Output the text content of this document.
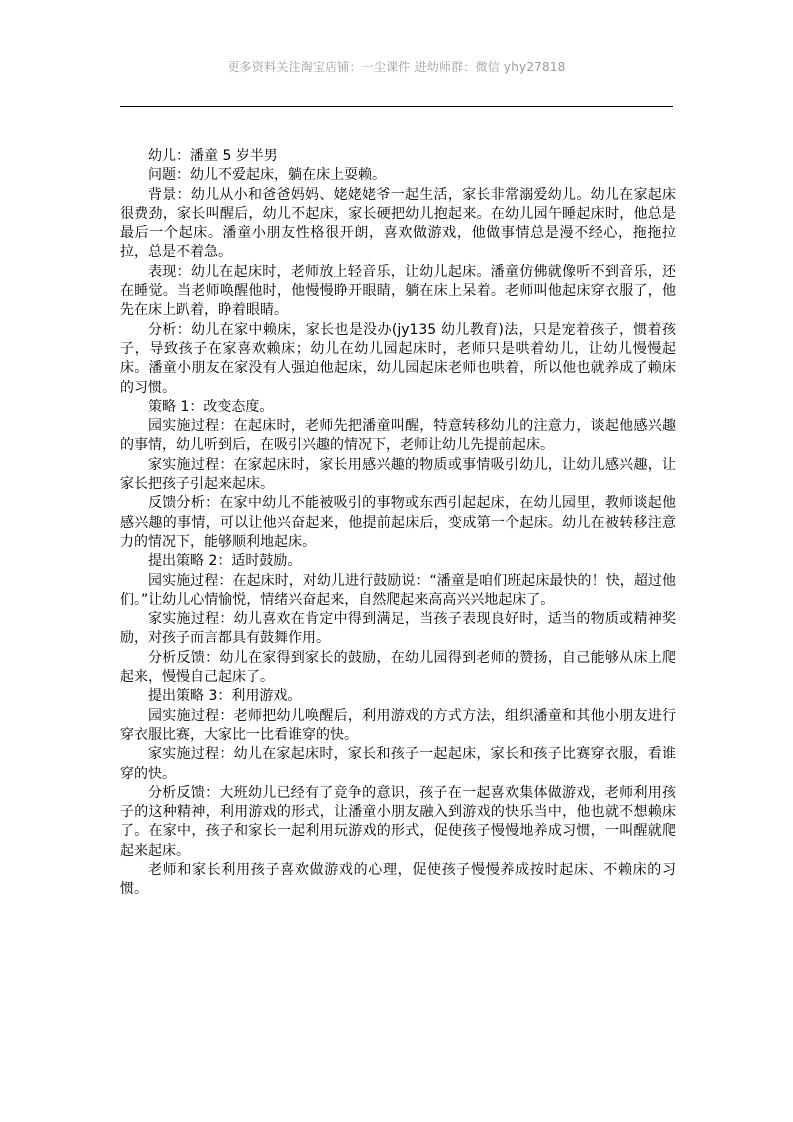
更多资料关注淘宝店铺：一尘课件 进幼师群：微信 yhy27818

幼儿：潘童 5 岁半男

问题：幼儿不爱起床，躺在床上耍赖。

背景：幼儿从小和爸爸妈妈、姥姥姥爷一起生活，家长非常溺爱幼儿。幼儿在家起床很费劲，家长叫醒后，幼儿不起床，家长硬把幼儿抱起来。在幼儿园午睡起床时，他总是最后一个起床。潘童小朋友性格很开朗，喜欢做游戏，他做事情总是漫不经心，拖拖拉拉，总是不着急。

表现：幼儿在起床时，老师放上轻音乐，让幼儿起床。潘童仿佛就像听不到音乐，还在睡觉。当老师唤醒他时，他慢慢睁开眼睛，躺在床上呆着。老师叫他起床穿衣服了，他先在床上趴着，睁着眼睛。

分析：幼儿在家中赖床，家长也是没办(jy135 幼儿教育)法，只是宠着孩子，惯着孩子，导致孩子在家喜欢赖床；幼儿在幼儿园起床时，老师只是哄着幼儿，让幼儿慢慢起床。潘童小朋友在家没有人强迫他起床，幼儿园起床老师也哄着，所以他也就养成了赖床的习惯。

策略 1：改变态度。

园实施过程：在起床时，老师先把潘童叫醒，特意转移幼儿的注意力，谈起他感兴趣的事情，幼儿听到后，在吸引兴趣的情况下，老师让幼儿先提前起床。

家实施过程：在家起床时，家长用感兴趣的物质或事情吸引幼儿，让幼儿感兴趣，让家长把孩子引起来起床。

反馈分析：在家中幼儿不能被吸引的事物或东西引起起床，在幼儿园里，教师谈起他感兴趣的事情，可以让他兴奋起来，他提前起床后，变成第一个起床。幼儿在被转移注意力的情况下，能够顺利地起床。

提出策略 2：适时鼓励。

园实施过程：在起床时，对幼儿进行鼓励说：“潘童是咱们班起床最快的！快，超过他们。”让幼儿心情愉悦，情绪兴奋起来，自然爬起来高高兴兴地起床了。

家实施过程：幼儿喜欢在肯定中得到满足，当孩子表现良好时，适当的物质或精神奖励，对孩子而言都具有鼓舞作用。

分析反馈：幼儿在家得到家长的鼓励，在幼儿园得到老师的赞扬，自己能够从床上爬起来，慢慢自己起床了。

提出策略 3：利用游戏。

园实施过程：老师把幼儿唤醒后，利用游戏的方式方法，组织潘童和其他小朋友进行穿衣服比赛，大家比一比看谁穿的快。

家实施过程：幼儿在家起床时，家长和孩子一起起床，家长和孩子比赛穿衣服，看谁穿的快。

分析反馈：大班幼儿已经有了竞争的意识，孩子在一起喜欢集体做游戏，老师利用孩子的这种精神，利用游戏的形式，让潘童小朋友融入到游戏的快乐当中，他也就不想赖床了。在家中，孩子和家长一起利用玩游戏的形式，促使孩子慢慢地养成习惯，一叫醒就爬起来起床。

老师和家长利用孩子喜欢做游戏的心理，促使孩子慢慢养成按时起床、不赖床的习惯。
